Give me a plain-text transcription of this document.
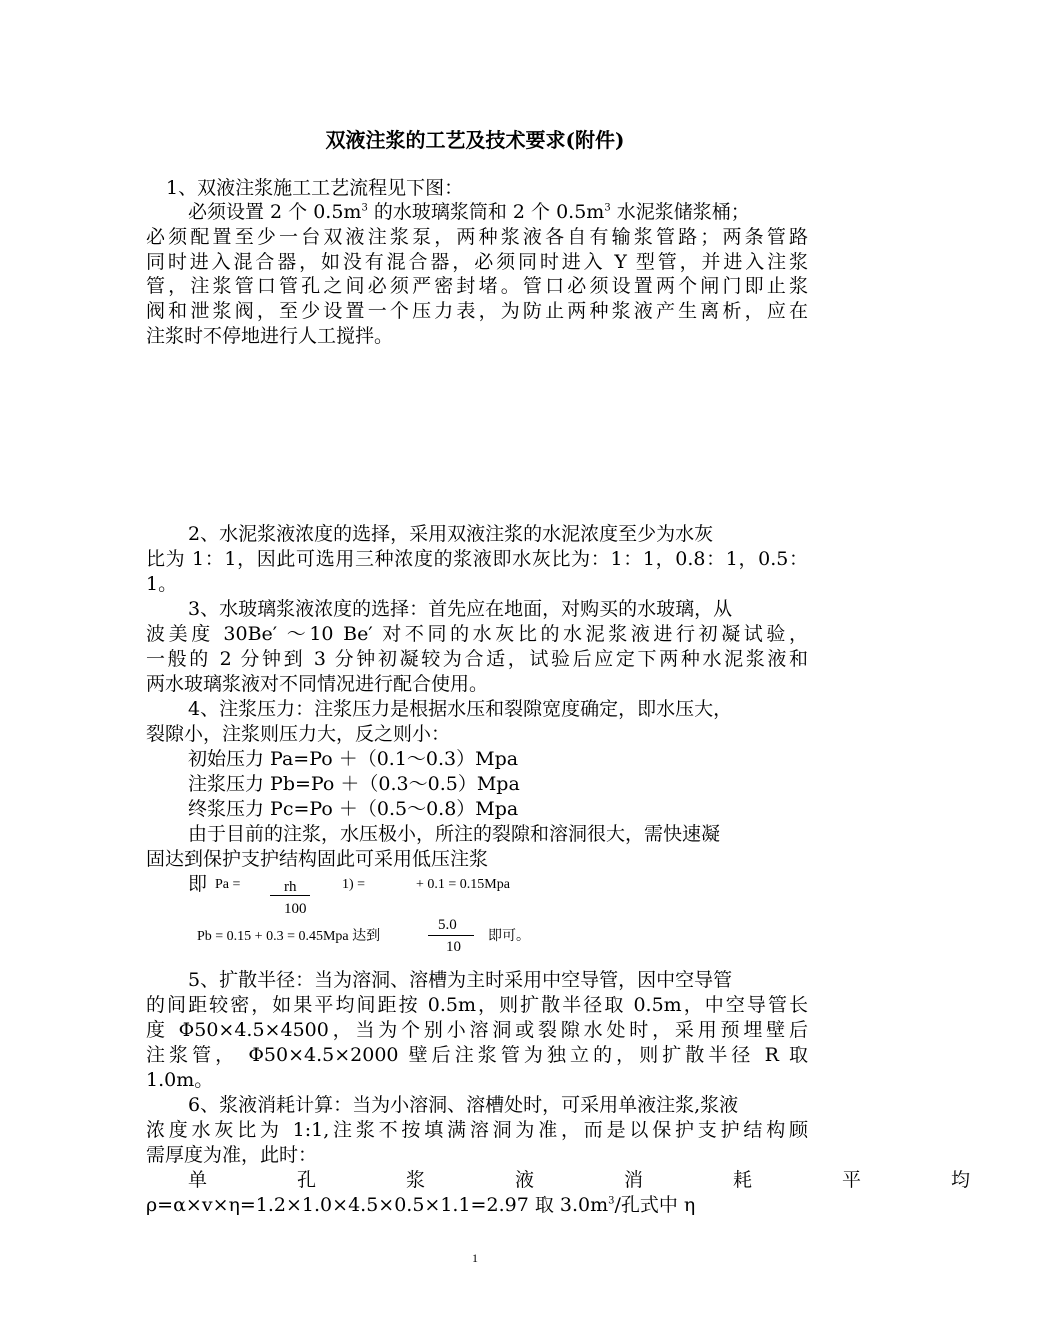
双液注浆的工艺及技术要求(附件)
1、双液注浆施工工艺流程见下图：
必须设置 2 个 $0.5m^3$ 的水玻璃浆筒和 2 个 $0.5m^3$ 水泥浆储浆桶；
必须配置至少一台双液注浆泵，两种浆液各自有输浆管路；两条管路
同时进入混合器，如没有混合器，必须同时进入 Y 型管，并进入注浆
管，注浆管口管孔之间必须严密封堵。管口必须设置两个闸门即止浆
阀和泄浆阀，至少设置一个压力表，为防止两种浆液产生离析，应在
注浆时不停地进行人工搅拌。
2、水泥浆液浓度的选择，采用双液注浆的水泥浓度至少为水灰
比为 1：1，因此可选用三种浓度的浆液即水灰比为：1：1，0.8：1，0.5：
1。
3、水玻璃浆液浓度的选择：首先应在地面，对购买的水玻璃，从
波美度 30Be′ ～10 Be′ 对不同的水灰比的水泥浆液进行初凝试验，
一般的 2 分钟到 3 分钟初凝较为合适，试验后应定下两种水泥浆液和
两水玻璃浆液对不同情况进行配合使用。
4、注浆压力：注浆压力是根据水压和裂隙宽度确定，即水压大，
裂隙小，注浆则压力大，反之则小：
初始压力 Pa=Po ＋（0.1～0.3）Mpa
注浆压力 Pb=Po ＋（0.3～0.5）Mpa
终浆压力 Pc=Po ＋（0.5～0.8）Mpa
由于目前的注浆，水压极小，所注的裂隙和溶洞很大，需快速凝
固达到保护支护结构固此可采用低压注浆
即 Pa =	rh
100
1) =	+ 0.1 = 0.15Mpa
Pb = 0.15 + 0.3 = 0.45Mpa 达到
5.0
10
即可。
5、扩散半径：当为溶洞、溶槽为主时采用中空导管，因中空导管
的间距较密，如果平均间距按 0.5m，则扩散半径取 0.5m，中空导管长
度 Φ50×4.5×4500，当为个别小溶洞或裂隙水处时，采用预埋壁后
注浆管， Φ50×4.5×2000 壁后注浆管为独立的，则扩散半径 R 取
1.0m。
6、浆液消耗计算：当为小溶洞、溶槽处时，可采用单液注浆,浆液
浓度水灰比为 1:1,注浆不按填满溶洞为准，而是以保护支护结构顾
需厚度为准，此时：
单孔浆液消耗平均
ρ=α×v×η=1.2×1.0×4.5×0.5×1.1=2.97 取 $3.0m^3/$孔式中 η
1
